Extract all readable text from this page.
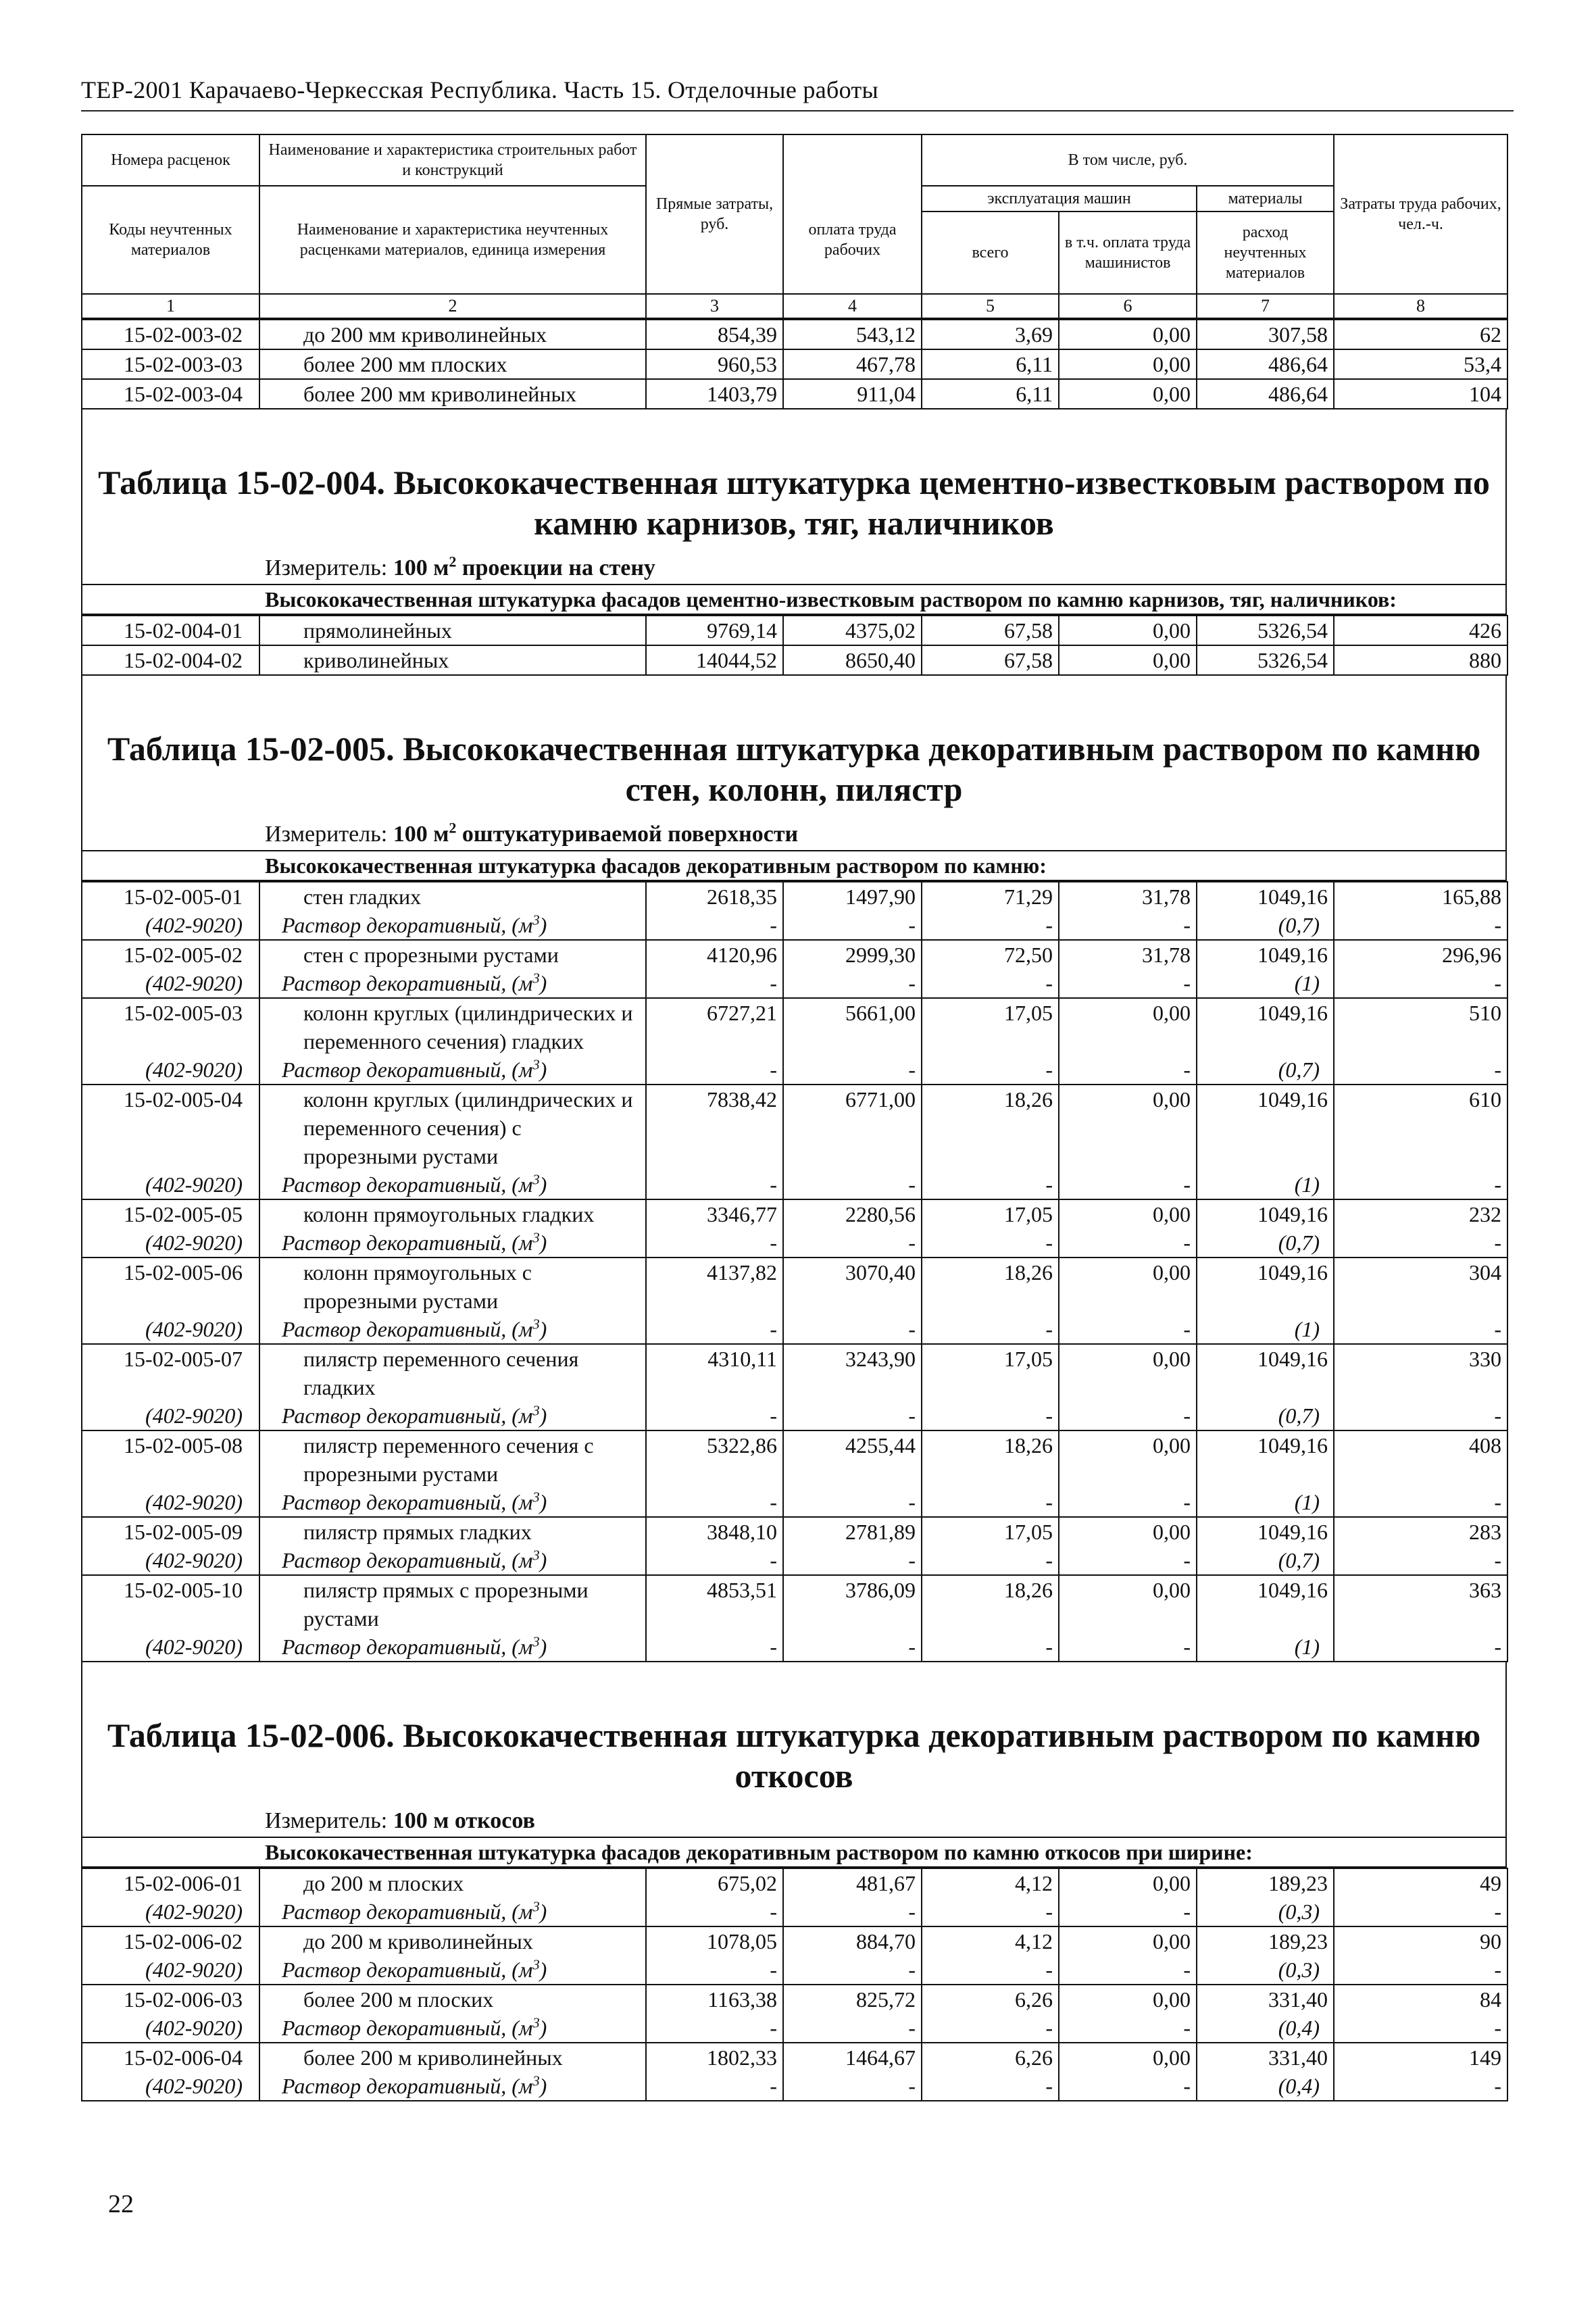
ТЕР-2001 Карачаево-Черкесская Республика. Часть 15. Отделочные работы
Номера расценок	Наименование и характеристика строительных работ и конструкций	Прямые затраты, руб.		В том числе, руб.			Затраты труда рабочих, чел.-ч.
Коды неучтенных материалов	Наименование и характеристика неучтенных расценками материалов, единица измерения		оплата труда рабочих	эксплуатация машин		материалы	
				всего	в т.ч. оплата труда машинистов	расход неучтенных материалов	
1	2	3	4	5	6	7	8
15-02-003-02	до 200 мм криволинейных	854,39	543,12	3,69	0,00	307,58	62
15-02-003-03	более 200 мм плоских	960,53	467,78	6,11	0,00	486,64	53,4
15-02-003-04	более 200 мм криволинейных	1403,79	911,04	6,11	0,00	486,64	104
Таблица 15-02-004. Высококачественная штукатурка цементно-известковым раствором по камню карнизов, тяг, наличников
Измеритель: 100 $м^2$ проекции на стену
Высококачественная штукатурка фасадов цементно-известковым раствором по камню карнизов, тяг, наличников:
15-02-004-01	прямолинейных	9769,14	4375,02	67,58	0,00	5326,54	426
15-02-004-02	криволинейных	14044,52	8650,40	67,58	0,00	5326,54	880
Таблица 15-02-005. Высококачественная штукатурка декоративным раствором по камню стен, колонн, пилястр
Измеритель: 100 $м^2$ оштукатуриваемой поверхности
Высококачественная штукатурка фасадов декоративным раствором по камню:
15-02-005-01	стен гладких	2618,35	1497,90	71,29	31,78	1049,16	165,88
(402-9020)	Раствор декоративный, $(м^3)$	-	-	-	-	(0,7)	-
15-02-005-02	стен с прорезными рустами	4120,96	2999,30	72,50	31,78	1049,16	296,96
(402-9020)	Раствор декоративный, $(м^3)$	-	-	-	-	(1)	-
15-02-005-03	колонн круглых (цилиндрических и переменного сечения) гладких	6727,21	5661,00	17,05	0,00	1049,16	510
(402-9020)	Раствор декоративный, $(м^3)$	-	-	-	-	(0,7)	-
15-02-005-04	колонн круглых (цилиндрических и переменного сечения) с прорезными рустами	7838,42	6771,00	18,26	0,00	1049,16	610
(402-9020)	Раствор декоративный, $(м^3)$	-	-	-	-	(1)	-
15-02-005-05	колонн прямоугольных гладких	3346,77	2280,56	17,05	0,00	1049,16	232
(402-9020)	Раствор декоративный, $(м^3)$	-	-	-	-	(0,7)	-
15-02-005-06	колонн прямоугольных с прорезными рустами	4137,82	3070,40	18,26	0,00	1049,16	304
(402-9020)	Раствор декоративный, $(м^3)$	-	-	-	-	(1)	-
15-02-005-07	пилястр переменного сечения гладких	4310,11	3243,90	17,05	0,00	1049,16	330
(402-9020)	Раствор декоративный, $(м^3)$	-	-	-	-	(0,7)	-
15-02-005-08	пилястр переменного сечения с прорезными рустами	5322,86	4255,44	18,26	0,00	1049,16	408
(402-9020)	Раствор декоративный, $(м^3)$	-	-	-	-	(1)	-
15-02-005-09	пилястр прямых гладких	3848,10	2781,89	17,05	0,00	1049,16	283
(402-9020)	Раствор декоративный, $(м^3)$	-	-	-	-	(0,7)	-
15-02-005-10	пилястр прямых с прорезными рустами	4853,51	3786,09	18,26	0,00	1049,16	363
(402-9020)	Раствор декоративный, $(м^3)$	-	-	-	-	(1)	-
Таблица 15-02-006. Высококачественная штукатурка декоративным раствором по камню откосов
Измеритель: 100 м откосов
Высококачественная штукатурка фасадов декоративным раствором по камню откосов при ширине:
15-02-006-01	до 200 м плоских	675,02	481,67	4,12	0,00	189,23	49
(402-9020)	Раствор декоративный, $(м^3)$	-	-	-	-	(0,3)	-
15-02-006-02	до 200 м криволинейных	1078,05	884,70	4,12	0,00	189,23	90
(402-9020)	Раствор декоративный, $(м^3)$	-	-	-	-	(0,3)	-
15-02-006-03	более 200 м плоских	1163,38	825,72	6,26	0,00	331,40	84
(402-9020)	Раствор декоративный, $(м^3)$	-	-	-	-	(0,4)	-
15-02-006-04	более 200 м криволинейных	1802,33	1464,67	6,26	0,00	331,40	149
(402-9020)	Раствор декоративный, $(м^3)$	-	-	-	-	(0,4)	-
22
